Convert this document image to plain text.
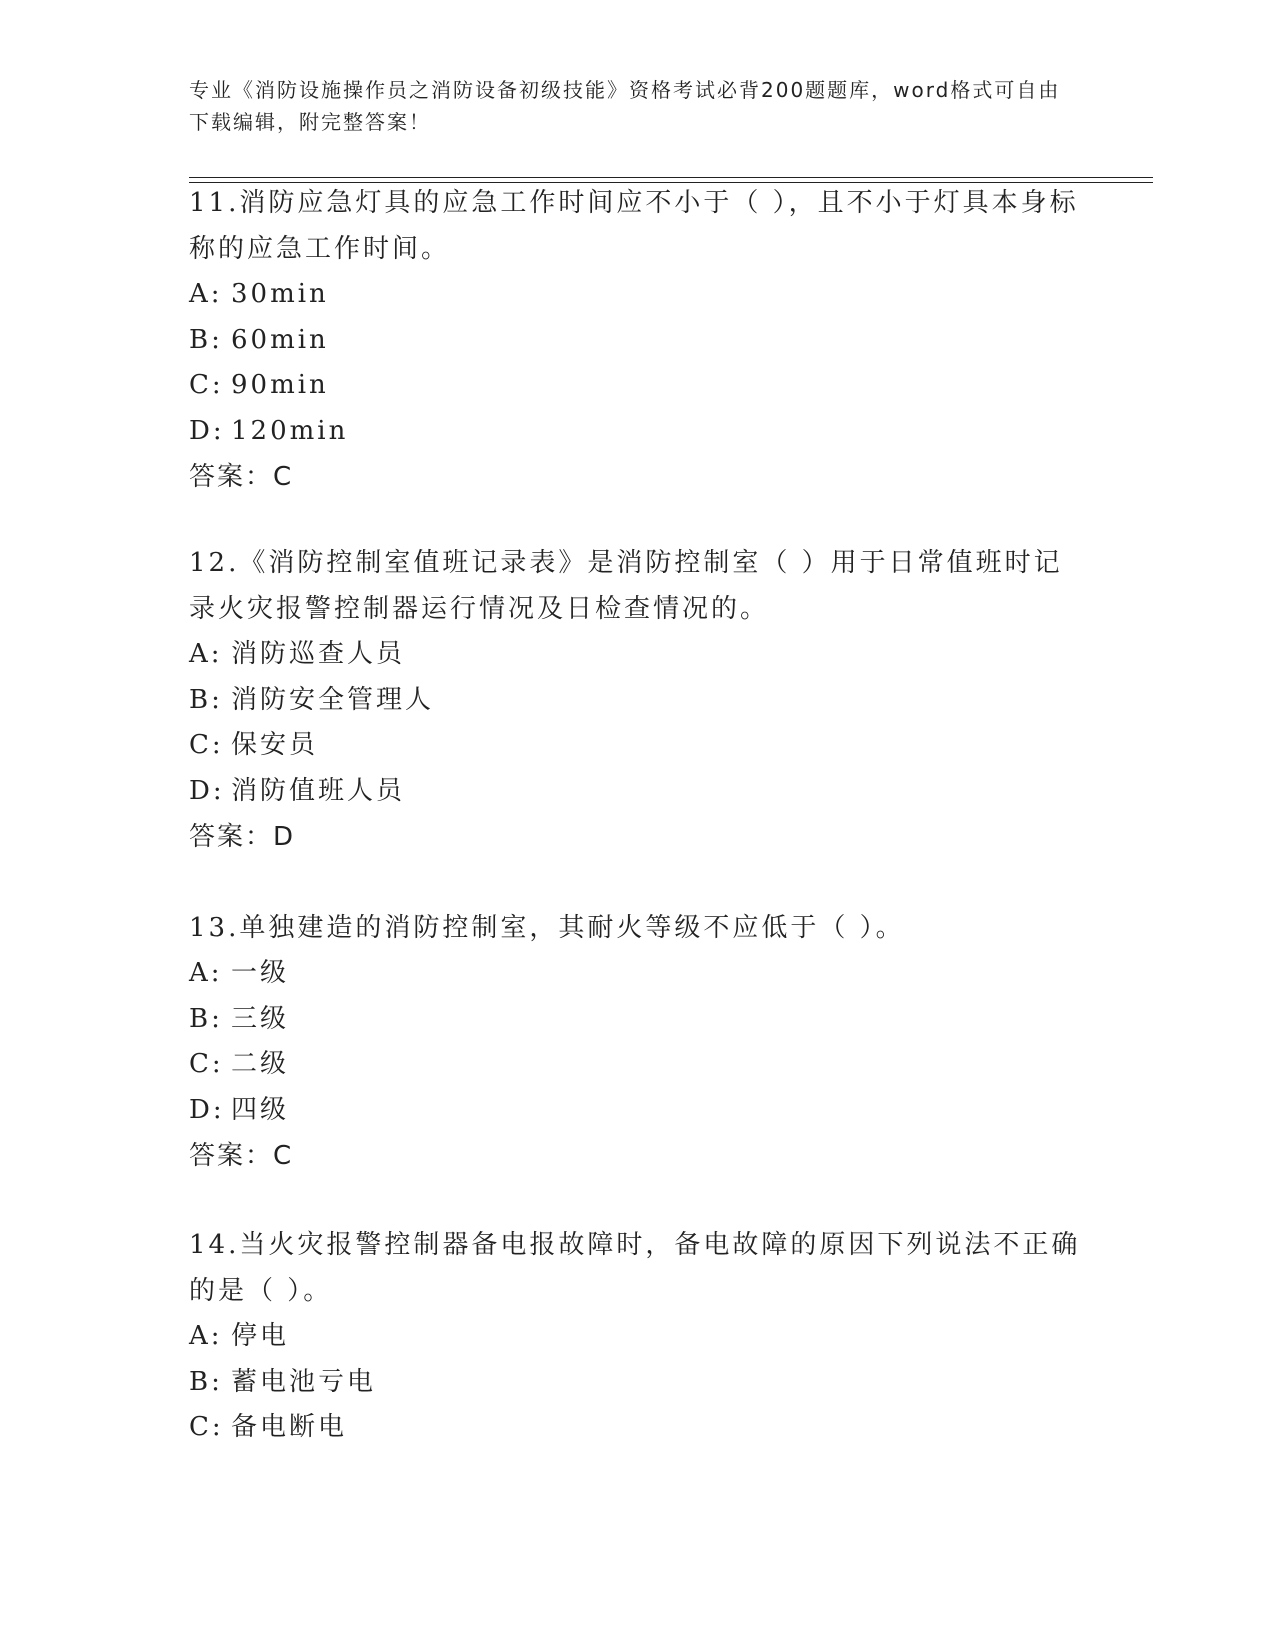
专业《消防设施操作员之消防设备初级技能》资格考试必背200题题库，word格式可自由下载编辑，附完整答案！
11.消防应急灯具的应急工作时间应不小于（ ），且不小于灯具本身标称的应急工作时间。
A: 30min
B: 60min
C: 90min
D: 120min
答案：C
12.《消防控制室值班记录表》是消防控制室（ ）用于日常值班时记录火灾报警控制器运行情况及日检查情况的。
A: 消防巡查人员
B: 消防安全管理人
C: 保安员
D: 消防值班人员
答案：D
13.单独建造的消防控制室，其耐火等级不应低于（ ）。
A: 一级
B: 三级
C: 二级
D: 四级
答案：C
14.当火灾报警控制器备电报故障时，备电故障的原因下列说法不正确的是（ ）。
A: 停电
B: 蓄电池亏电
C: 备电断电
